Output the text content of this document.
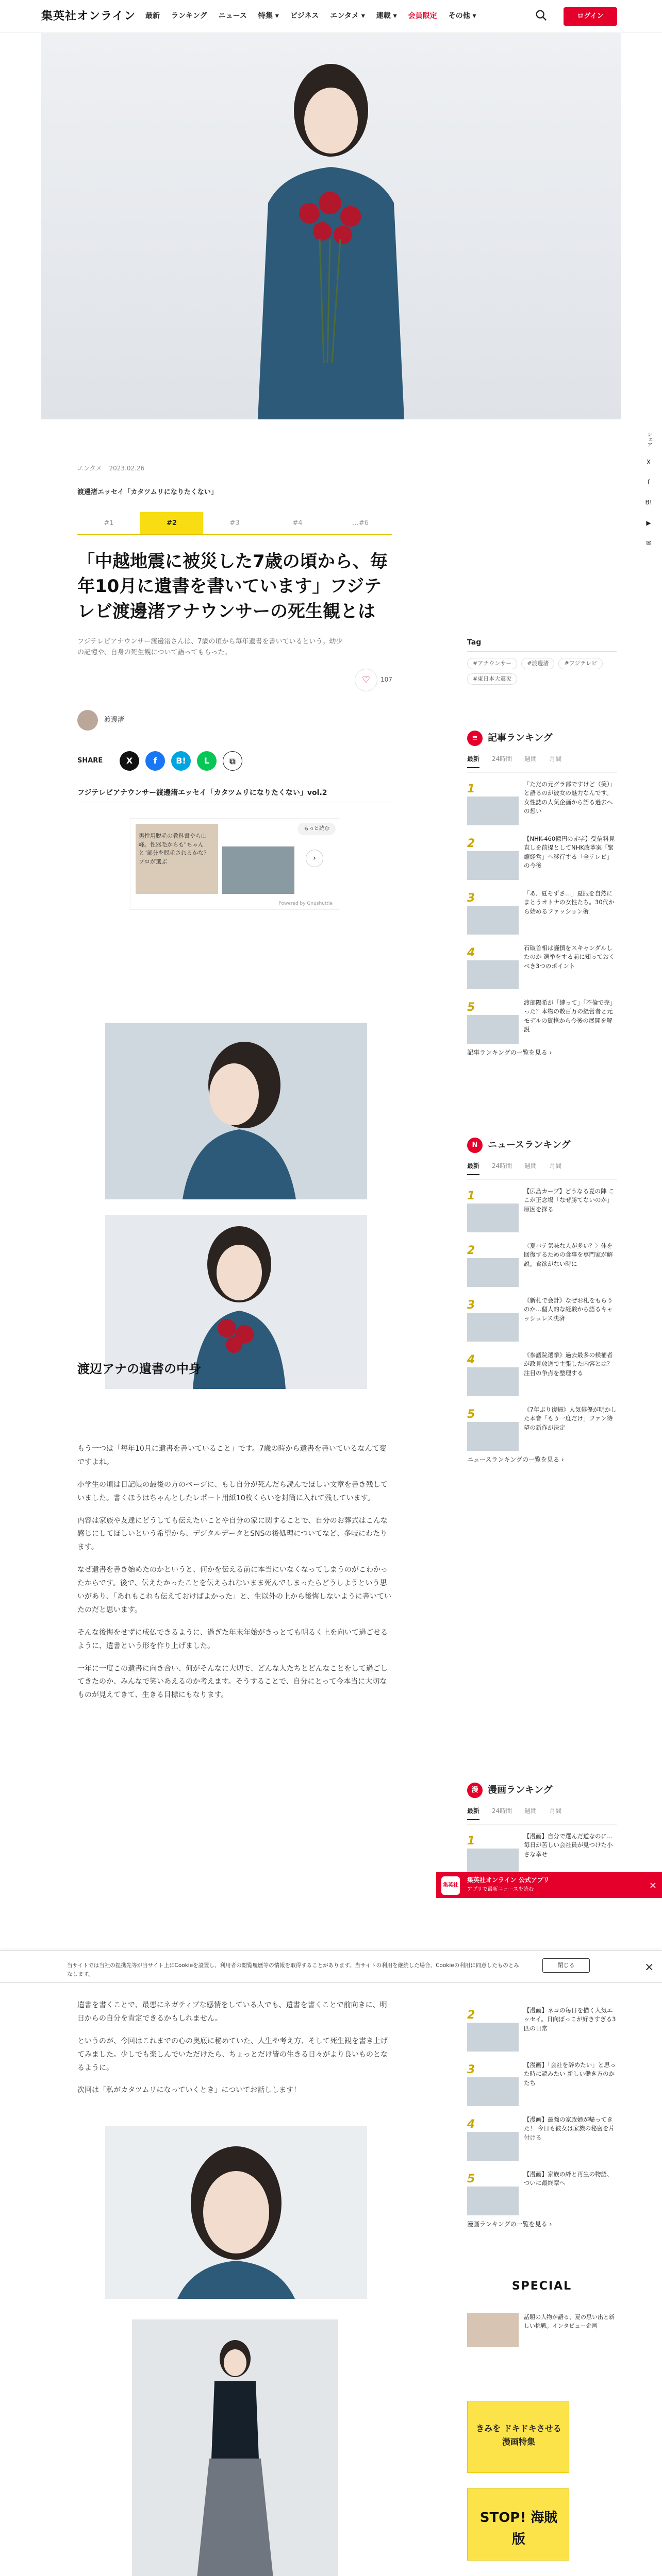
集英社オンライン 最新 ランキング ニュース 特集 ▾ ビジネス エンタメ ▾ 連載 ▾ 会員限定 その他 ▾	ログイン
エンタメ 2023.02.26
渡邊渚エッセイ「カタツムリになりたくない」
#1	#2	#3	#4	…#6
「中越地震に被災した7歳の頃から、毎年10月に遺書を書いています」フジテレビ渡邊渚アナウンサーの死生観とは
フジテレビアナウンサー渡邊渚さんは、7歳の頃から毎年遺書を書いているという。幼少の記憶や、自身の死生観について語ってもらった。
♡	107
渡邊渚
SHARE	X	f	B!	L	⧉
フジテレビアナウンサー渡邊渚エッセイ「カタツムリになりたくない」vol.2
男性用脱毛の教科書やら山峰。性器毛からも"ちゃんと"部分を脱毛されるかな？ プロが選ぶ
もっと読む
›
Powered by Gnushuttle
渡辺アナの遺書の中身

もう一つは「毎年10月に遺書を書いていること」です。7歳の時から遺書を書いているなんて変ですよね。

小学生の頃は日記帳の最後の方のページに、もし自分が死んだら読んでほしい文章を書き残していました。書くほうはちゃんとしたレポート用紙10枚くらいを封筒に入れて残しています。

内容は家族や友達にどうしても伝えたいことや自分の家に関することで、自分のお葬式はこんな感じにしてほしいという希望から、デジタルデータとSNSの後処理についてなど、多岐にわたります。

なぜ遺書を書き始めたのかというと、何かを伝える前に本当にいなくなってしまうのがこわかったからです。後で、伝えたかったことを伝えられないまま死んでしまったらどうしようという思いがあり、「あれもこれも伝えておけばよかった」と、生以外の上から後悔しないように書いていたのだと思います。

そんな後悔をせずに成仏できるように、過ぎた年末年始がきっとても明るく上を向いて過ごせるように、遺書という形を作り上げました。

一年に一度この遺書に向き合い、何がそんなに大切で、どんな人たちとどんなことをして過ごしてきたのか、みんなで笑いあえるのか考えます。そうすることで、自分にとって今本当に大切なものが見えてきて、生きる目標にもなります。

遺書を書くことで、最悪にネガティブな感情をしている人でも、遺書を書くことで前向きに、明日からの自分を肯定できるかもしれません。

というのが、今回はこれまでの心の奥底に秘めていた、人生や考え方、そして死生観を書き上げてみました。少しでも楽しんでいただけたら、ちょっとだけ皆の生きる日々がより良いものとなるように。

次回は「私がカタツムリになっていくとき」についてお話しします！

シェア
X
f
B!
▶
✉
Tag
#アナウンサー	#渡邊渚	#フジテレビ
#東日本大震災
≡	記事ランキング
最新 24時間 週間 月間
1	「ただの元グラ部ですけど（笑）」と語るのが彼女の魅力なんです。女性誌の人気企画から語る過去への想い
2	【NHK-460億円の赤字】受信料見直しを前提としてNHK改革案「緊縮経営」へ移行する「全テレビ」の今後
3	「あ、夏そずさ…」夏服を自然にまとうオトナの女性たち。30代から始めるファッション術
4	石破首相は謹慎をスキャンダルしたのか 選挙をする前に知っておくべき3つのポイント
5	渡部陽希が「縛って」「不倫で売」った？本物の数百万の経営者と元モデルの資格から今後の展開を解説
記事ランキングの一覧を見る ›
N	ニュースランキング
最新 24時間 週間 月間
1	【広島カープ】どうなる夏の陣 ここが正念場「なぜ勝てないのか」原因を探る
2	〈夏バテ気味な人が多い？〉体を回復するための食事を専門家が解説。食欲がない時に
3	《新札で会計》なぜお札をもらうのか…個人的な経験から語るキャッシュレス決済
4	《参議院選挙》過去最多の候補者が政見放送で主張した内容とは？ 注目の争点を整理する
5	《7年ぶり復帰》人気俳優が明かした本音「もう一度だけ」ファン待望の新作が決定
ニュースランキングの一覧を見る ›
漫	漫画ランキング
最新 24時間 週間 月間
1	【漫画】自分で選んだ道なのに…毎日が苦しい会社員が見つけた小さな幸せ
2	【漫画】ネコの毎日を描く人気エッセイ。日向ぼっこが好きすぎる3匹の日常
3	【漫画】「会社を辞めたい」と思った時に読みたい 新しい働き方のかたち
4	【漫画】最強の家政婦が帰ってきた！ 今日も彼女は家族の秘密を片付ける
5	【漫画】家族の絆と再生の物語、ついに最終章へ
漫画ランキングの一覧を見る ›
SPECIAL
話題の人物が語る、夏の思い出と新しい挑戦。インタビュー企画
きみを ドキドキさせる 漫画特集
STOP! 海賊版
集英社
集英社オンライン 公式アプリ
アプリで最新ニュースを読む	×
当サイトでは当社の提携先等が当サイト上にCookieを設置し、利用者の閲覧履歴等の情報を取得することがあります。当サイトの利用を継続した場合、Cookieの利用に同意したものとみなします。
閉じる	×
